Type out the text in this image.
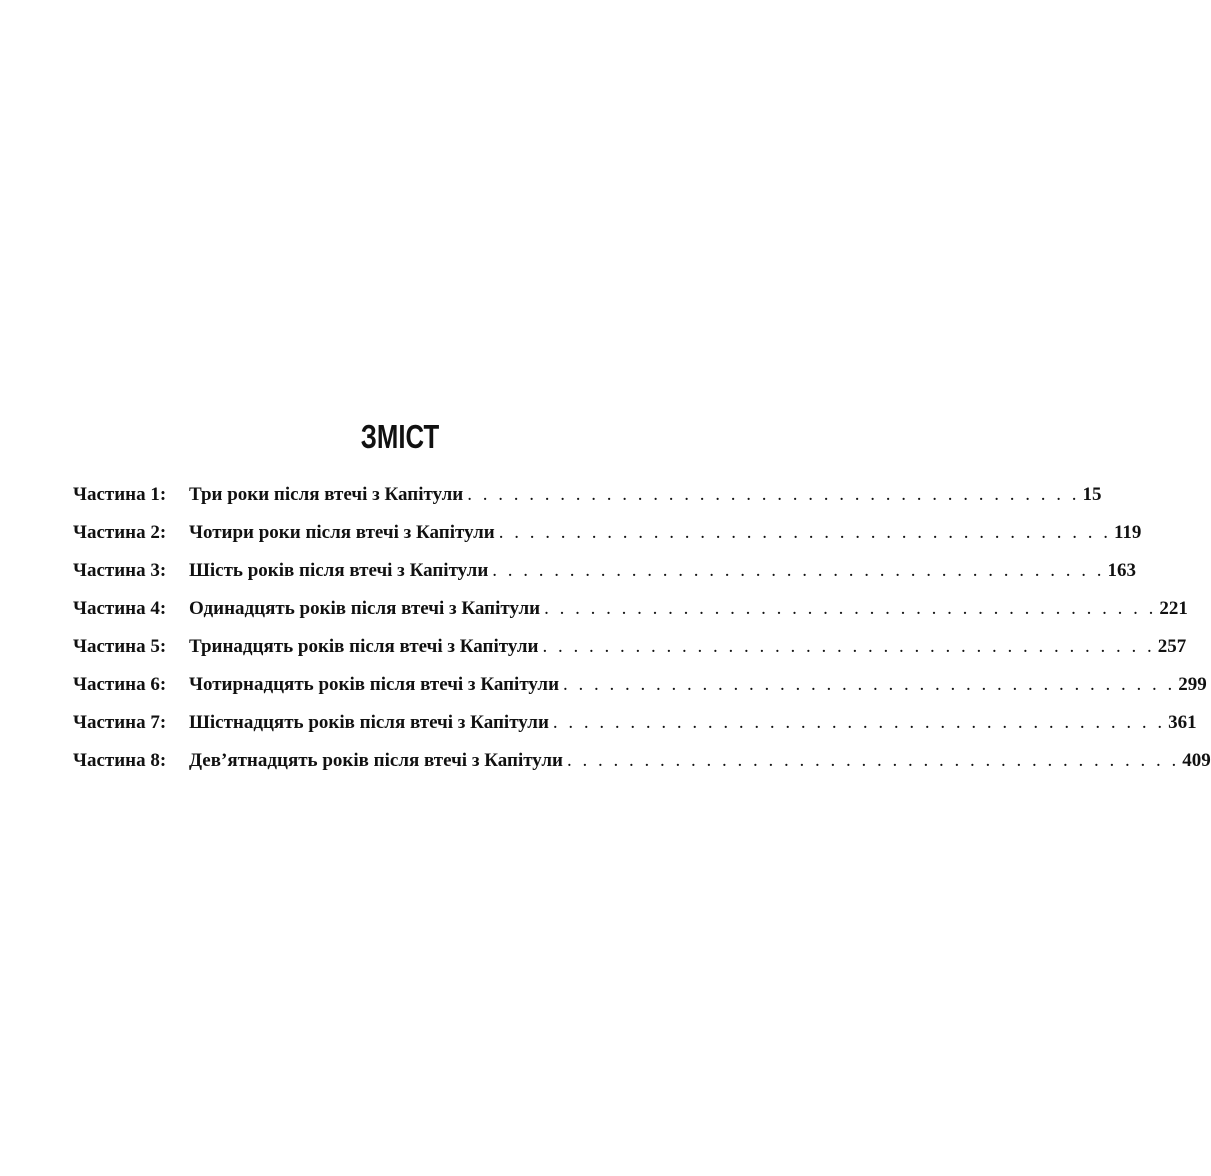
ЗМІСТ
Частина 1:	Три роки після втечі з Капітули . . . . . . . . . . . . . . . . . . . . . . . . . . . . . . . . . . . . . . . . 15
Частина 2:	Чотири роки після втечі з Капітули . . . . . . . . . . . . . . . . . . . . . . . . . . . . . . . . . . . . . . . . 119
Частина 3:	Шість років після втечі з Капітули . . . . . . . . . . . . . . . . . . . . . . . . . . . . . . . . . . . . . . . . 163
Частина 4:	Одинадцять років після втечі з Капітули . . . . . . . . . . . . . . . . . . . . . . . . . . . . . . . . . . . . . . . . 221
Частина 5:	Тринадцять років після втечі з Капітули . . . . . . . . . . . . . . . . . . . . . . . . . . . . . . . . . . . . . . . . 257
Частина 6:	Чотирнадцять років після втечі з Капітули . . . . . . . . . . . . . . . . . . . . . . . . . . . . . . . . . . . . . . . . 299
Частина 7:	Шістнадцять років після втечі з Капітули . . . . . . . . . . . . . . . . . . . . . . . . . . . . . . . . . . . . . . . . 361
Частина 8:	Дев’ятнадцять років після втечі з Капітули . . . . . . . . . . . . . . . . . . . . . . . . . . . . . . . . . . . . . . . . 409
